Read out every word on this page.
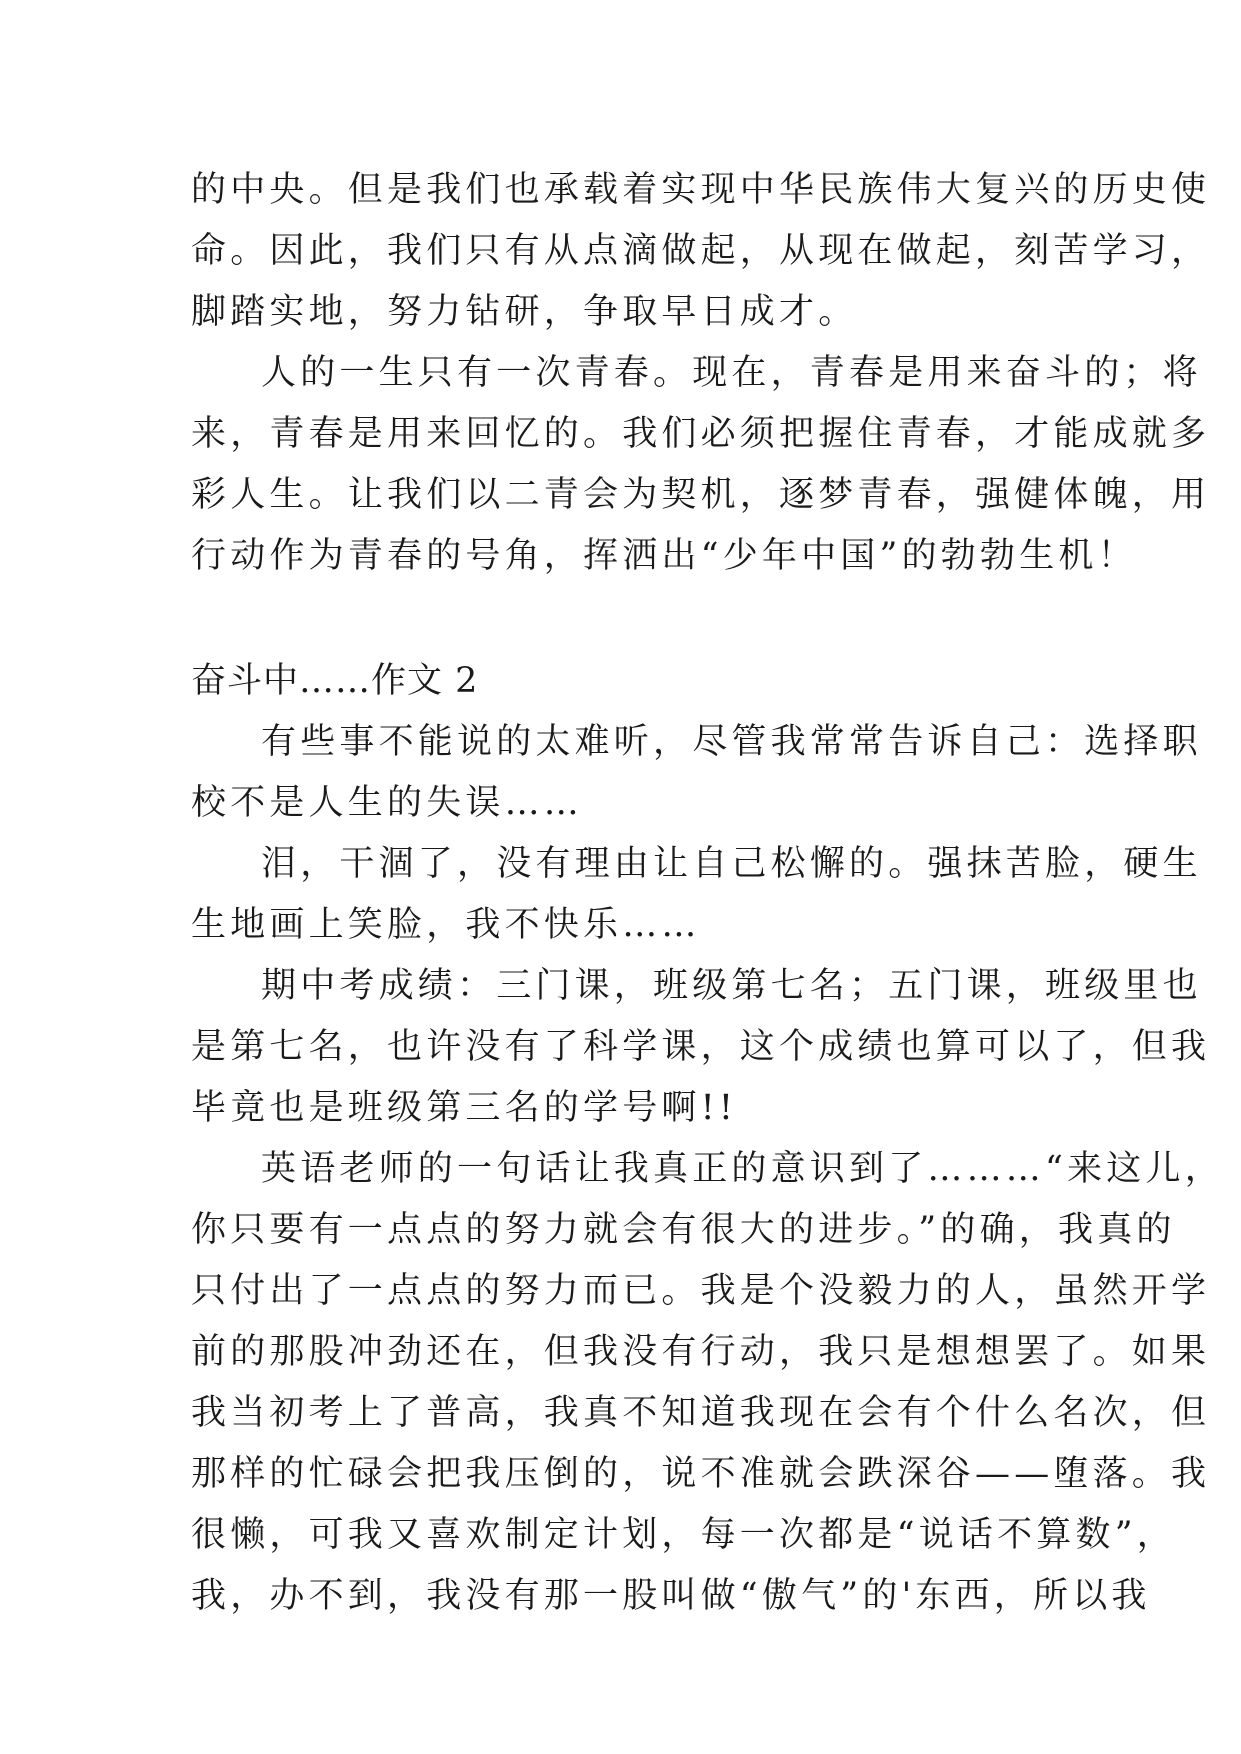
的中央。但是我们也承载着实现中华民族伟大复兴的历史使
命。因此，我们只有从点滴做起，从现在做起，刻苦学习，
脚踏实地，努力钻研，争取早日成才。
人的一生只有一次青春。现在，青春是用来奋斗的；将
来，青春是用来回忆的。我们必须把握住青春，才能成就多
彩人生。让我们以二青会为契机，逐梦青春，强健体魄，用
行动作为青春的号角，挥洒出“少年中国”的勃勃生机！
奋斗中……作文 2
有些事不能说的太难听，尽管我常常告诉自己：选择职
校不是人生的失误……
泪，干涸了，没有理由让自己松懈的。强抹苦脸，硬生
生地画上笑脸，我不快乐……
期中考成绩：三门课，班级第七名；五门课，班级里也
是第七名，也许没有了科学课，这个成绩也算可以了，但我
毕竟也是班级第三名的学号啊!!
英语老师的一句话让我真正的意识到了………“来这儿，
你只要有一点点的努力就会有很大的进步。”的确，我真的
只付出了一点点的努力而已。我是个没毅力的人，虽然开学
前的那股冲劲还在，但我没有行动，我只是想想罢了。如果
我当初考上了普高，我真不知道我现在会有个什么名次，但
那样的忙碌会把我压倒的，说不准就会跌深谷——堕落。我
很懒，可我又喜欢制定计划，每一次都是“说话不算数”，
我，办不到，我没有那一股叫做“傲气”的'东西，所以我
